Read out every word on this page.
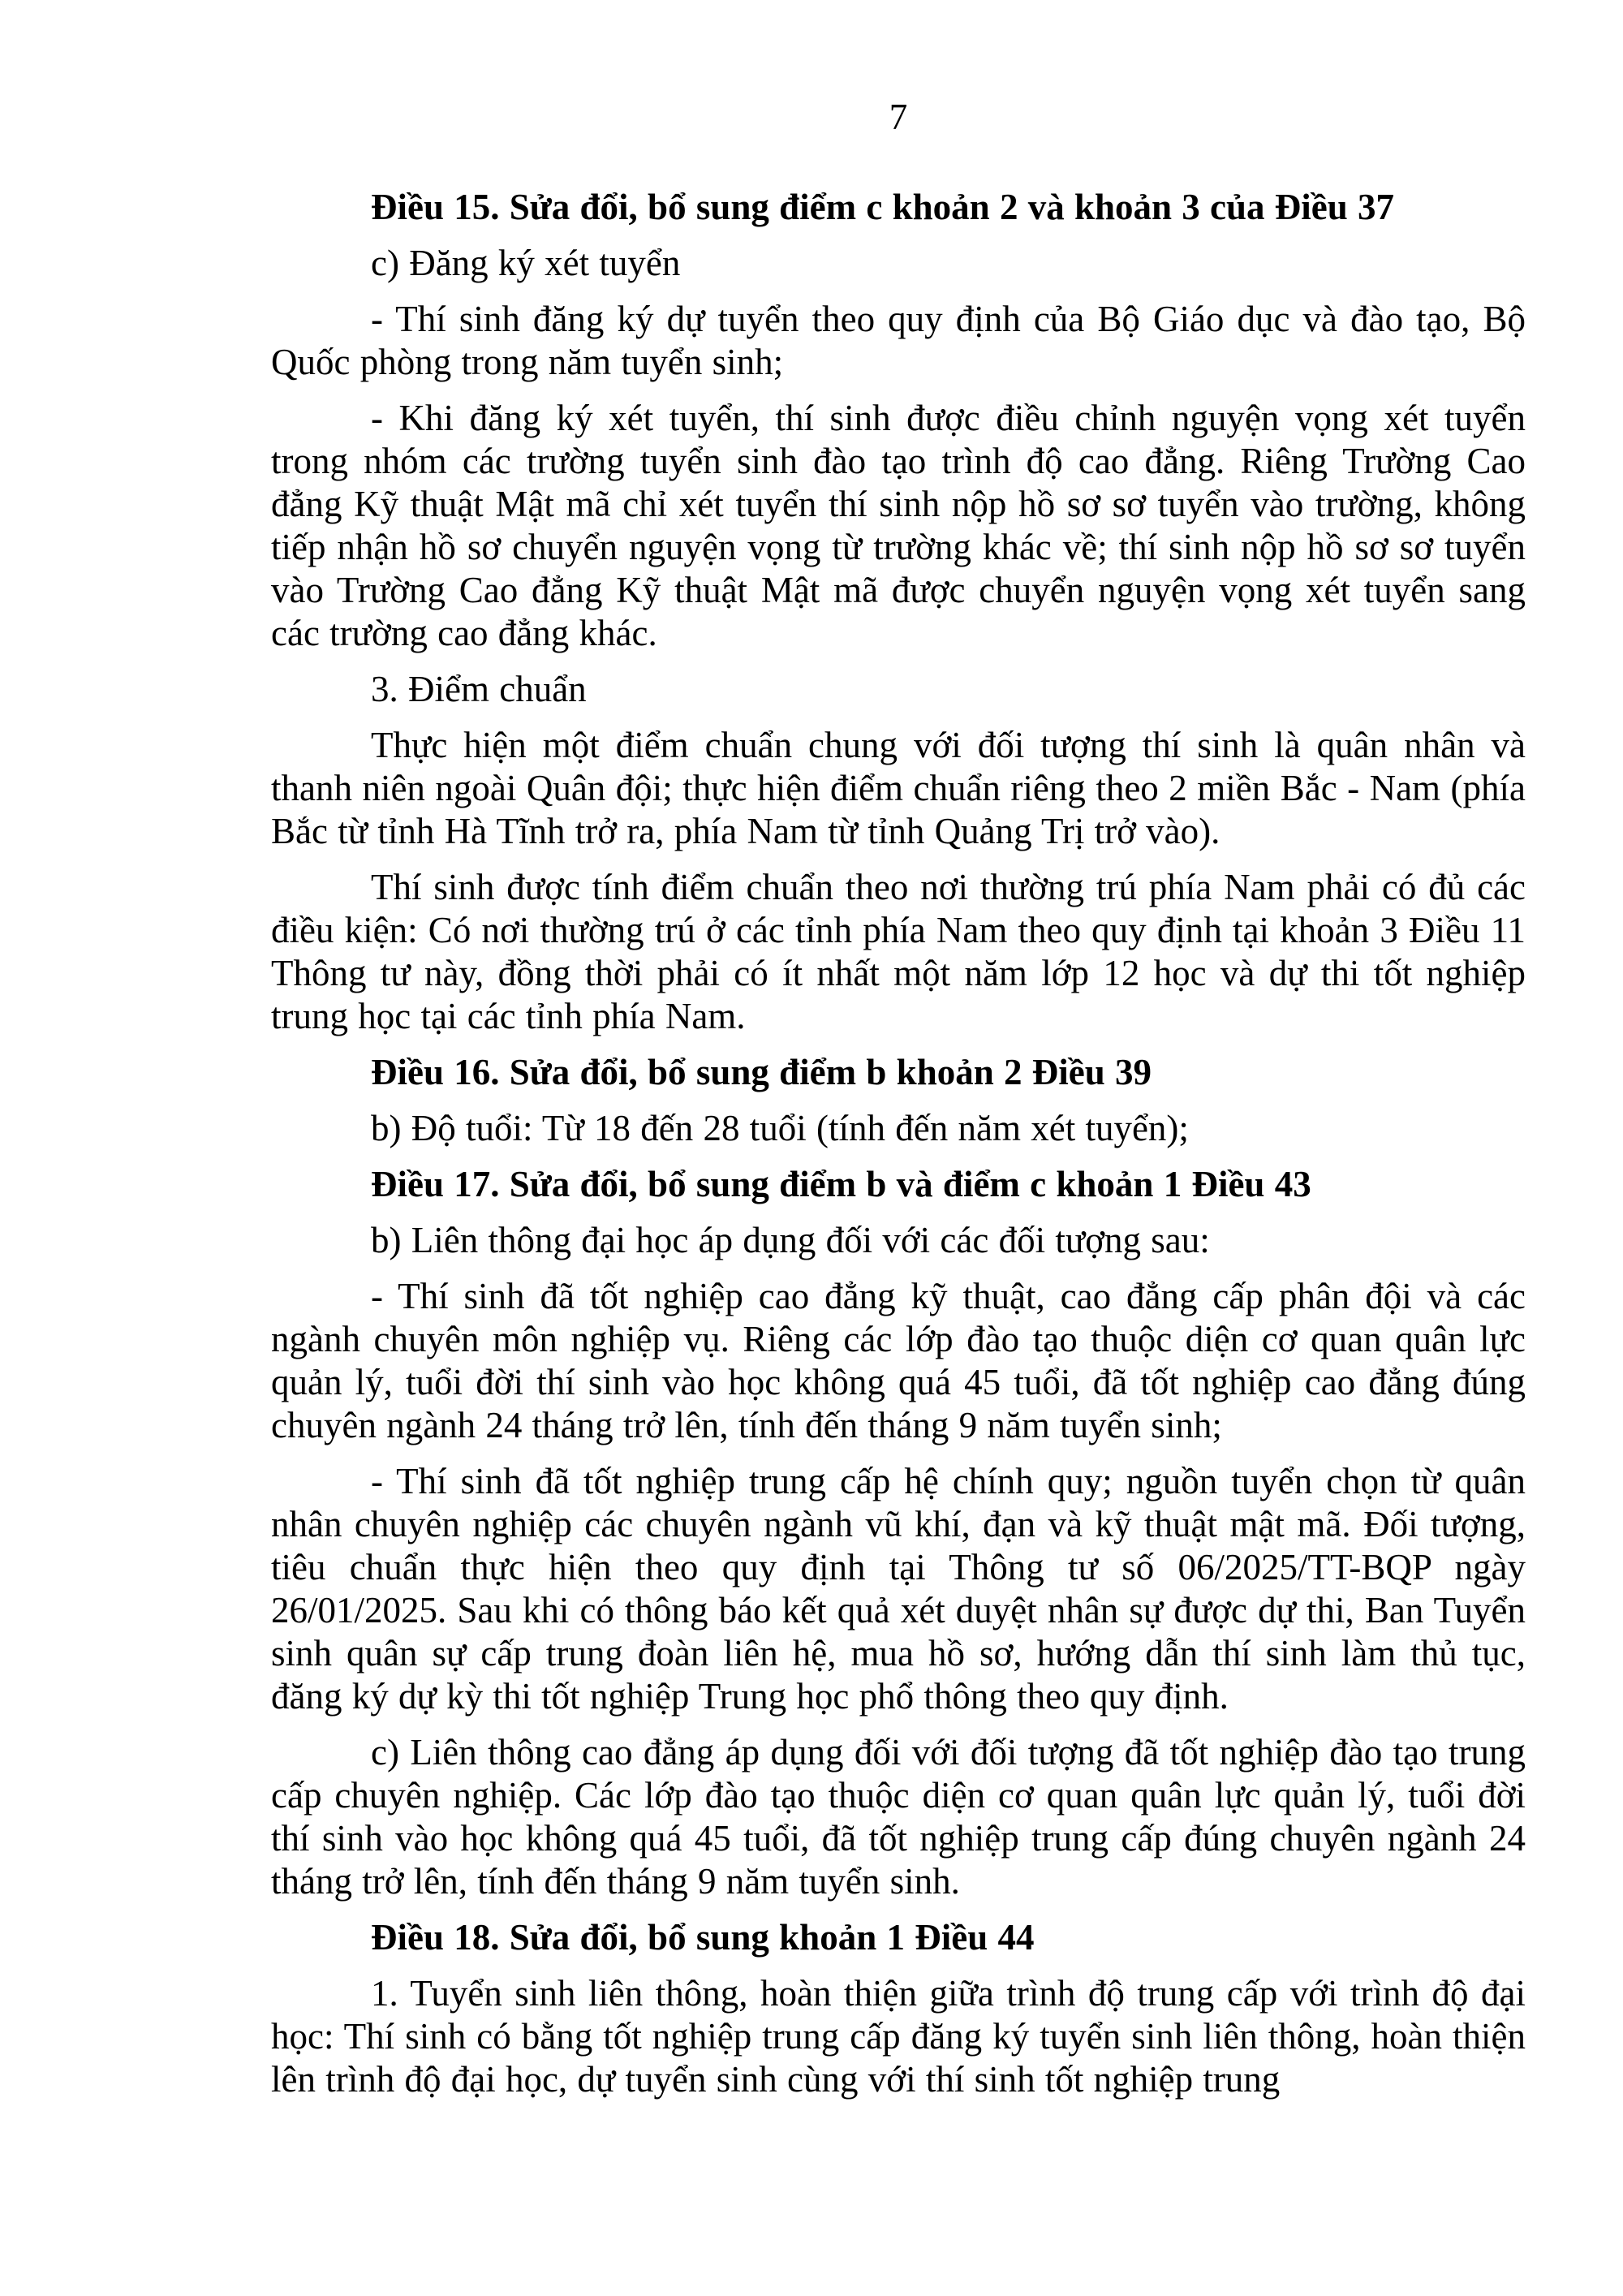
7

Điều 15. Sửa đổi, bổ sung điểm c khoản 2 và khoản 3 của Điều 37

c) Đăng ký xét tuyển

- Thí sinh đăng ký dự tuyển theo quy định của Bộ Giáo dục và đào tạo, Bộ Quốc phòng trong năm tuyển sinh;

- Khi đăng ký xét tuyển, thí sinh được điều chỉnh nguyện vọng xét tuyển trong nhóm các trường tuyển sinh đào tạo trình độ cao đẳng. Riêng Trường Cao đẳng Kỹ thuật Mật mã chỉ xét tuyển thí sinh nộp hồ sơ sơ tuyển vào trường, không tiếp nhận hồ sơ chuyển nguyện vọng từ trường khác về; thí sinh nộp hồ sơ sơ tuyển vào Trường Cao đẳng Kỹ thuật Mật mã được chuyển nguyện vọng xét tuyển sang các trường cao đẳng khác.

3. Điểm chuẩn

Thực hiện một điểm chuẩn chung với đối tượng thí sinh là quân nhân và thanh niên ngoài Quân đội; thực hiện điểm chuẩn riêng theo 2 miền Bắc - Nam (phía Bắc từ tỉnh Hà Tĩnh trở ra, phía Nam từ tỉnh Quảng Trị trở vào).

Thí sinh được tính điểm chuẩn theo nơi thường trú phía Nam phải có đủ các điều kiện: Có nơi thường trú ở các tỉnh phía Nam theo quy định tại khoản 3 Điều 11 Thông tư này, đồng thời phải có ít nhất một năm lớp 12 học và dự thi tốt nghiệp trung học tại các tỉnh phía Nam.

Điều 16. Sửa đổi, bổ sung điểm b khoản 2 Điều 39

b) Độ tuổi: Từ 18 đến 28 tuổi (tính đến năm xét tuyển);

Điều 17. Sửa đổi, bổ sung điểm b và điểm c khoản 1 Điều 43

b) Liên thông đại học áp dụng đối với các đối tượng sau:

- Thí sinh đã tốt nghiệp cao đẳng kỹ thuật, cao đẳng cấp phân đội và các ngành chuyên môn nghiệp vụ. Riêng các lớp đào tạo thuộc diện cơ quan quân lực quản lý, tuổi đời thí sinh vào học không quá 45 tuổi, đã tốt nghiệp cao đẳng đúng chuyên ngành 24 tháng trở lên, tính đến tháng 9 năm tuyển sinh;

- Thí sinh đã tốt nghiệp trung cấp hệ chính quy; nguồn tuyển chọn từ quân nhân chuyên nghiệp các chuyên ngành vũ khí, đạn và kỹ thuật mật mã. Đối tượng, tiêu chuẩn thực hiện theo quy định tại Thông tư số 06/2025/TT-BQP ngày 26/01/2025. Sau khi có thông báo kết quả xét duyệt nhân sự được dự thi, Ban Tuyển sinh quân sự cấp trung đoàn liên hệ, mua hồ sơ, hướng dẫn thí sinh làm thủ tục, đăng ký dự kỳ thi tốt nghiệp Trung học phổ thông theo quy định.

c) Liên thông cao đẳng áp dụng đối với đối tượng đã tốt nghiệp đào tạo trung cấp chuyên nghiệp. Các lớp đào tạo thuộc diện cơ quan quân lực quản lý, tuổi đời thí sinh vào học không quá 45 tuổi, đã tốt nghiệp trung cấp đúng chuyên ngành 24 tháng trở lên, tính đến tháng 9 năm tuyển sinh.

Điều 18. Sửa đổi, bổ sung khoản 1 Điều 44

1. Tuyển sinh liên thông, hoàn thiện giữa trình độ trung cấp với trình độ đại học: Thí sinh có bằng tốt nghiệp trung cấp đăng ký tuyển sinh liên thông, hoàn thiện lên trình độ đại học, dự tuyển sinh cùng với thí sinh tốt nghiệp trung
